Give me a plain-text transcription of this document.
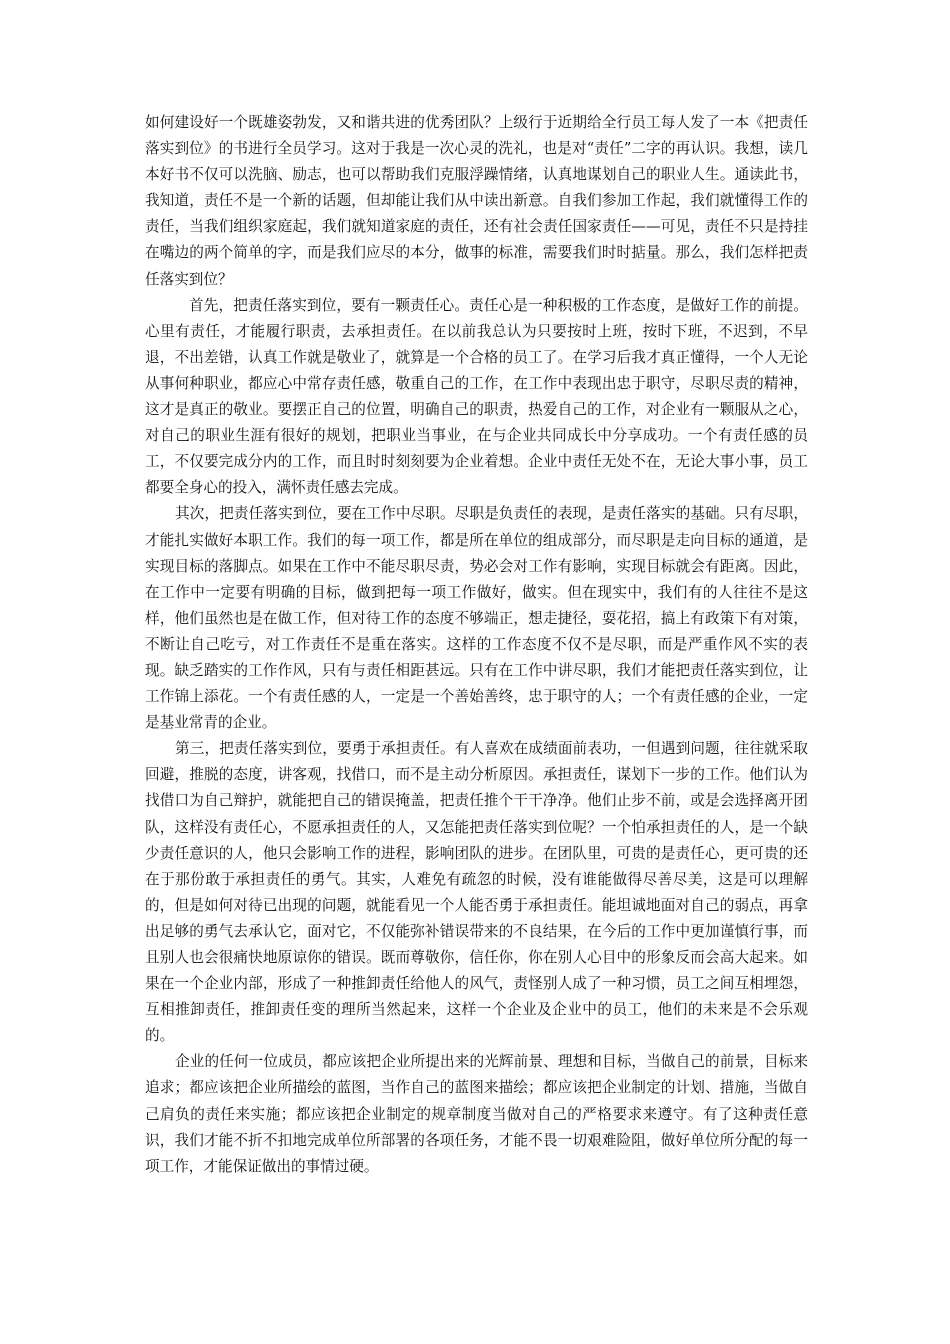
如何建设好一个既雄姿勃发，又和谐共进的优秀团队？上级行于近期给全行员工每人发了一本《把责任落实到位》的书进行全员学习。这对于我是一次心灵的洗礼，也是对“责任”二字的再认识。我想，读几本好书不仅可以洗脑、励志，也可以帮助我们克服浮躁情绪，认真地谋划自己的职业人生。通读此书，我知道，责任不是一个新的话题，但却能让我们从中读出新意。自我们参加工作起，我们就懂得工作的责任，当我们组织家庭起，我们就知道家庭的责任，还有社会责任国家责任——可见，责任不只是持挂在嘴边的两个简单的字，而是我们应尽的本分，做事的标准，需要我们时时掂量。那么，我们怎样把责任落实到位？

首先，把责任落实到位，要有一颗责任心。责任心是一种积极的工作态度，是做好工作的前提。心里有责任，才能履行职责，去承担责任。在以前我总认为只要按时上班，按时下班，不迟到，不早退，不出差错，认真工作就是敬业了，就算是一个合格的员工了。在学习后我才真正懂得，一个人无论从事何种职业，都应心中常存责任感，敬重自己的工作，在工作中表现出忠于职守，尽职尽责的精神，这才是真正的敬业。要摆正自己的位置，明确自己的职责，热爱自己的工作，对企业有一颗服从之心，对自己的职业生涯有很好的规划，把职业当事业，在与企业共同成长中分享成功。一个有责任感的员工，不仅要完成分内的工作，而且时时刻刻要为企业着想。企业中责任无处不在，无论大事小事，员工都要全身心的投入，满怀责任感去完成。

其次，把责任落实到位，要在工作中尽职。尽职是负责任的表现，是责任落实的基础。只有尽职，才能扎实做好本职工作。我们的每一项工作，都是所在单位的组成部分，而尽职是走向目标的通道，是实现目标的落脚点。如果在工作中不能尽职尽责，势必会对工作有影响，实现目标就会有距离。因此，在工作中一定要有明确的目标，做到把每一项工作做好，做实。但在现实中，我们有的人往往不是这样，他们虽然也是在做工作，但对待工作的态度不够端正，想走捷径，耍花招，搞上有政策下有对策，不断让自己吃亏，对工作责任不是重在落实。这样的工作态度不仅不是尽职，而是严重作风不实的表现。缺乏踏实的工作作风，只有与责任相距甚远。只有在工作中讲尽职，我们才能把责任落实到位，让工作锦上添花。一个有责任感的人，一定是一个善始善终，忠于职守的人；一个有责任感的企业，一定是基业常青的企业。

第三，把责任落实到位，要勇于承担责任。有人喜欢在成绩面前表功，一但遇到问题，往往就采取回避，推脱的态度，讲客观，找借口，而不是主动分析原因。承担责任，谋划下一步的工作。他们认为找借口为自己辩护，就能把自己的错误掩盖，把责任推个干干净净。他们止步不前，或是会选择离开团队，这样没有责任心，不愿承担责任的人，又怎能把责任落实到位呢？一个怕承担责任的人，是一个缺少责任意识的人，他只会影响工作的进程，影响团队的进步。在团队里，可贵的是责任心，更可贵的还在于那份敢于承担责任的勇气。其实，人难免有疏忽的时候，没有谁能做得尽善尽美，这是可以理解的，但是如何对待已出现的问题，就能看见一个人能否勇于承担责任。能坦诚地面对自己的弱点，再拿出足够的勇气去承认它，面对它，不仅能弥补错误带来的不良结果，在今后的工作中更加谨慎行事，而且别人也会很痛快地原谅你的错误。既而尊敬你，信任你，你在别人心目中的形象反而会高大起来。如果在一个企业内部，形成了一种推卸责任给他人的风气，责怪别人成了一种习惯，员工之间互相埋怨，互相推卸责任，推卸责任变的理所当然起来，这样一个企业及企业中的员工，他们的未来是不会乐观的。

企业的任何一位成员，都应该把企业所提出来的光辉前景、理想和目标，当做自己的前景，目标来追求；都应该把企业所描绘的蓝图，当作自己的蓝图来描绘；都应该把企业制定的计划、措施，当做自己肩负的责任来实施；都应该把企业制定的规章制度当做对自己的严格要求来遵守。有了这种责任意识，我们才能不折不扣地完成单位所部署的各项任务，才能不畏一切艰难险阻，做好单位所分配的每一项工作，才能保证做出的事情过硬。
